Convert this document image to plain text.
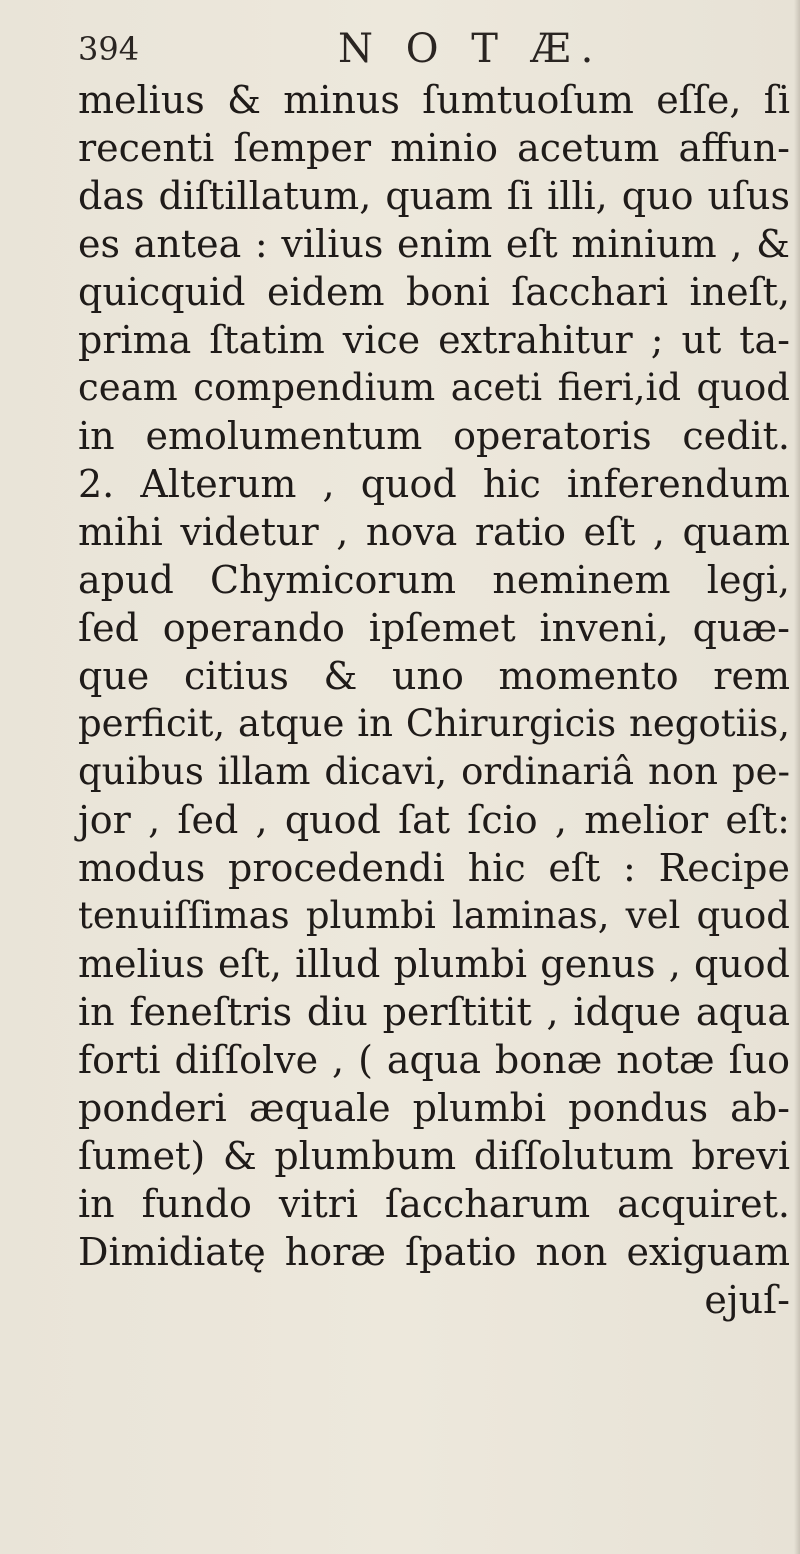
394	N O T Æ.
melius & minus ſumtuoſum eſſe, ſi
recenti ſemper minio acetum affun-
das diſtillatum, quam ſi illi, quo uſus
es antea : vilius enim eſt minium , &
quicquid eidem boni ſacchari ineſt,
prima ſtatim vice extrahitur ; ut ta-
ceam compendium aceti fieri,id quod
in emolumentum operatoris cedit.
2. Alterum , quod hic inferendum
mihi videtur , nova ratio eſt , quam
apud Chymicorum neminem legi,
ſed operando ipſemet inveni, quæ-
que citius & uno momento rem
perficit, atque in Chirurgicis negotiis,
quibus illam dicavi, ordinariâ non pe-
jor , ſed , quod ſat ſcio , melior eſt:
modus procedendi hic eſt : Recipe
tenuiſſimas plumbi laminas, vel quod
melius eſt, illud plumbi genus , quod
in feneſtris diu perſtitit , idque aqua
forti diſſolve , ( aqua bonæ notæ ſuo
ponderi æquale plumbi pondus ab-
ſumet) & plumbum diſſolutum brevi
in fundo vitri ſaccharum acquiret.
Dimidiatę horæ ſpatio non exiguam
ejuſ-
